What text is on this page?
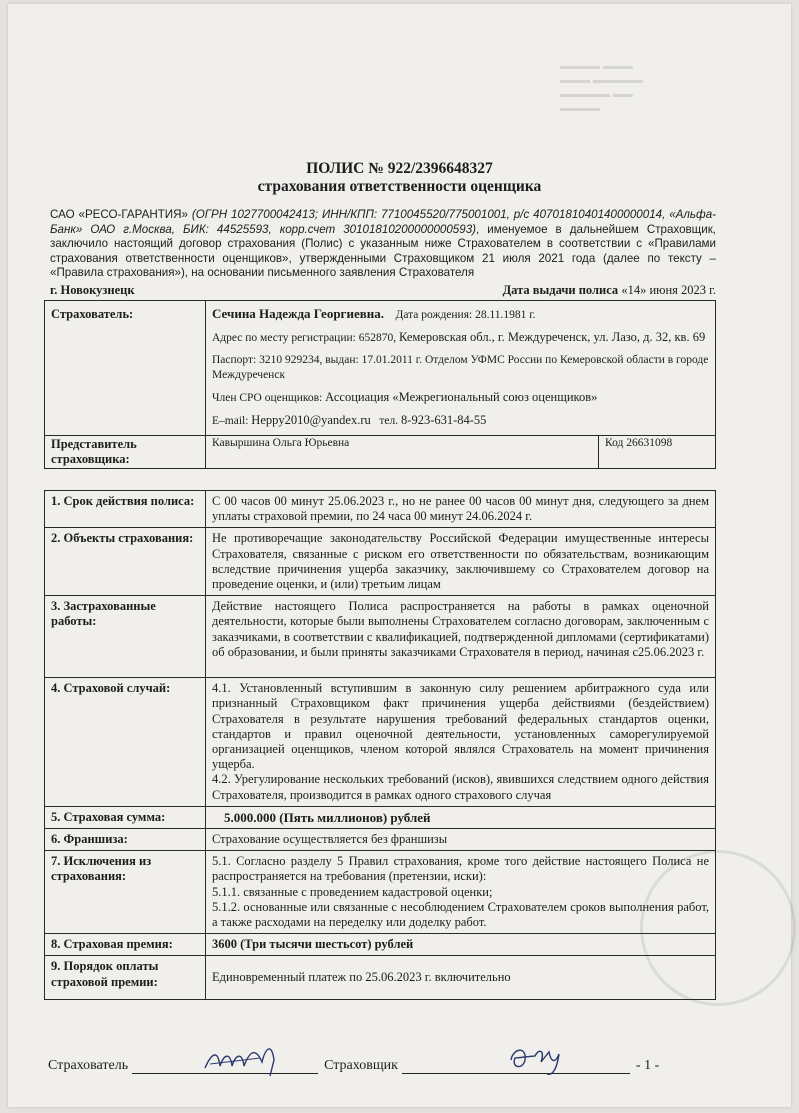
▬▬▬▬ ▬▬▬
▬▬▬ ▬▬▬▬▬
▬▬▬▬▬ ▬▬
▬▬▬▬
ПОЛИС № 922/2396648327
страхования ответственности оценщика
САО «РЕСО-ГАРАНТИЯ» (ОГРН 1027700042413; ИНН/КПП: 7710045520/775001001, р/с 40701810401400000014, «Альфа-Банк» ОАО г.Москва, БИК: 44525593, корр.счет 30101810200000000593), именуемое в дальнейшем Страховщик, заключило настоящий договор страхования (Полис) с указанным ниже Страхователем в соответствии с «Правилами страхования ответственности оценщиков», утвержденными Страховщиком 21 июля 2021 года (далее по тексту – «Правила страхования»), на основании письменного заявления Страхователя
г. Новокузнецк	Дата выдачи полиса «14» июня 2023 г.
Страхователь:	Сечина Надежда Георгиевна. Дата рождения: 28.11.1981 г.

Адрес по месту регистрации: 652870, Кемеровская обл., г. Междуреченск, ул. Лазо, д. 32, кв. 69

Паспорт: 3210 929234, выдан: 17.01.2011 г. Отделом УФМС России по Кемеровской области в городе Междуреченск

Член СРО оценщиков: Ассоциация «Межрегиональный союз оценщиков»

E–mail: Heppy2010@yandex.ru тел. 8-923-631-84-55	

Представитель страховщика:	Кавыршина Ольга Юрьевна	Код 26631098
1. Срок действия полиса:	С 00 часов 00 минут 25.06.2023 г., но не ранее 00 часов 00 минут дня, следующего за днем уплаты страховой премии, по 24 часа 00 минут 24.06.2024 г.

2. Объекты страхования:	Не противоречащие законодательству Российской Федерации имущественные интересы Страхователя, связанные с риском его ответственности по обязательствам, возникающим вследствие причинения ущерба заказчику, заключившему со Страхователем договор на проведение оценки, и (или) третьим лицам

3. Застрахованные работы:	Действие настоящего Полиса распространяется на работы в рамках оценочной деятельности, которые были выполнены Страхователем согласно договорам, заключенным с заказчиками, в соответствии с квалификацией, подтвержденной дипломами (сертификатами) об образовании, и были приняты заказчиками Страхователя в период, начиная с25.06.2023 г.

4. Страховой случай:	4.1. Установленный вступившим в законную силу решением арбитражного суда или признанный Страховщиком факт причинения ущерба действиями (бездействием) Страхователя в результате нарушения требований федеральных стандартов оценки, стандартов и правил оценочной деятельности, установленных саморегулируемой организацией оценщиков, членом которой являлся Страхователь на момент причинения ущерба.

4.2. Урегулирование нескольких требований (исков), явившихся следствием одного действия Страхователя, производится в рамках одного страхового случая

5. Страховая сумма:	5.000.000 (Пять миллионов) рублей

6. Франшиза:	Страхование осуществляется без франшизы

7. Исключения из страхования:	5.1. Согласно разделу 5 Правил страхования, кроме того действие настоящего Полиса не распространяется на требования (претензии, иски):

5.1.1. связанные с проведением кадастровой оценки;

5.1.2. основанные или связанные с несоблюдением Страхователем сроков выполнения работ, а также расходами на переделку или доделку работ.

8. Страховая премия:	3600 (Три тысячи шестьсот) рублей

9. Порядок оплаты страховой премии:	Единовременный платеж по 25.06.2023 г. включительно

Страхователь	Страховщик	- 1 -
